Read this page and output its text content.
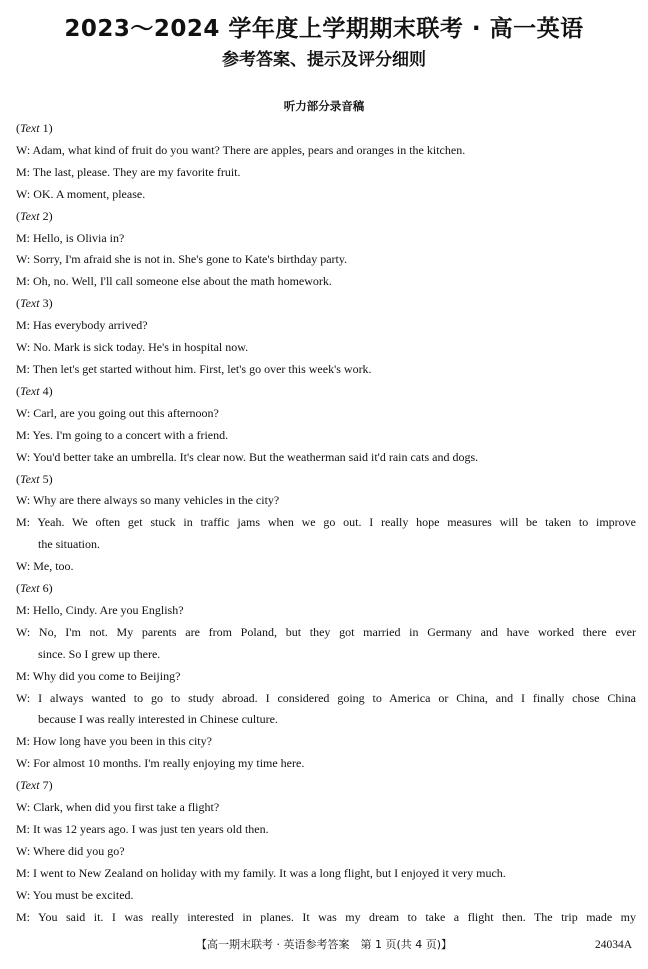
2023～2024 学年度上学期期末联考 · 高一英语
参考答案、提示及评分细则
听力部分录音稿
(Text 1)
W: Adam, what kind of fruit do you want? There are apples, pears and oranges in the kitchen.
M: The last, please. They are my favorite fruit.
W: OK. A moment, please.
(Text 2)
M: Hello, is Olivia in?
W: Sorry, I'm afraid she is not in. She's gone to Kate's birthday party.
M: Oh, no. Well, I'll call someone else about the math homework.
(Text 3)
M: Has everybody arrived?
W: No. Mark is sick today. He's in hospital now.
M: Then let's get started without him. First, let's go over this week's work.
(Text 4)
W: Carl, are you going out this afternoon?
M: Yes. I'm going to a concert with a friend.
W: You'd better take an umbrella. It's clear now. But the weatherman said it'd rain cats and dogs.
(Text 5)
W: Why are there always so many vehicles in the city?
M: Yeah. We often get stuck in traffic jams when we go out. I really hope measures will be taken to improve
the situation.
W: Me, too.
(Text 6)
M: Hello, Cindy. Are you English?
W: No, I'm not. My parents are from Poland, but they got married in Germany and have worked there ever
since. So I grew up there.
M: Why did you come to Beijing?
W: I always wanted to go to study abroad. I considered going to America or China, and I finally chose China
because I was really interested in Chinese culture.
M: How long have you been in this city?
W: For almost 10 months. I'm really enjoying my time here.
(Text 7)
W: Clark, when did you first take a flight?
M: It was 12 years ago. I was just ten years old then.
W: Where did you go?
M: I went to New Zealand on holiday with my family. It was a long flight, but I enjoyed it very much.
W: You must be excited.
M: You said it. I was really interested in planes. It was my dream to take a flight then. The trip made my
【高一期末联考 · 英语参考答案　第 1 页(共 4 页)】	24034A
